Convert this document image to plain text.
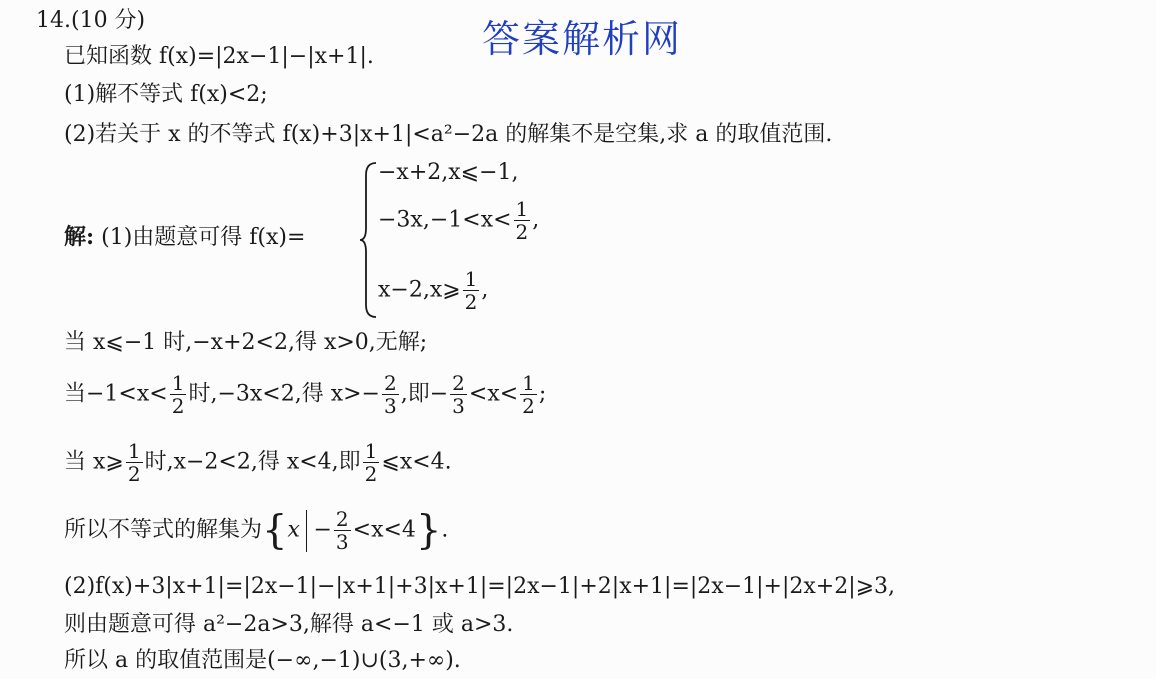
答案解析网
14.(10 分)
已知函数 f(x)=|2x−1|−|x+1|.
(1)解不等式 f(x)<2;
(2)若关于 x 的不等式 f(x)+3|x+1|<a²−2a 的解集不是空集,求 a 的取值范围.
解: (1)由题意可得 f(x)=
−x+2,x⩽−1,
$-3x,-1<x< \frac{1}{2}$ ,
x−2,x⩾ $\frac{1}{2}$ ,
当 x⩽−1 时,−x+2<2,得 x>0,无解;
当$-1<x< \frac{1}{2}$ 时,−3x<2,得 $x>- \frac{2}{3}$ ,即− $\frac{2}{3} <x< \frac{1}{2}$ ;
当 x⩾ $\frac{1}{2}$ 时,x−2<2,得 x<4,即 $\frac{1}{2}$ ⩽x<4.
所以不等式的解集为$\{x - \frac{2}{3} <x<4\}$.
(2)f(x)+3|x+1|=|2x−1|−|x+1|+3|x+1|=|2x−1|+2|x+1|=|2x−1|+|2x+2|⩾3,
则由题意可得 a²−2a>3,解得 a<−1 或 a>3.
所以 a 的取值范围是(−∞,−1)∪(3,+∞).
